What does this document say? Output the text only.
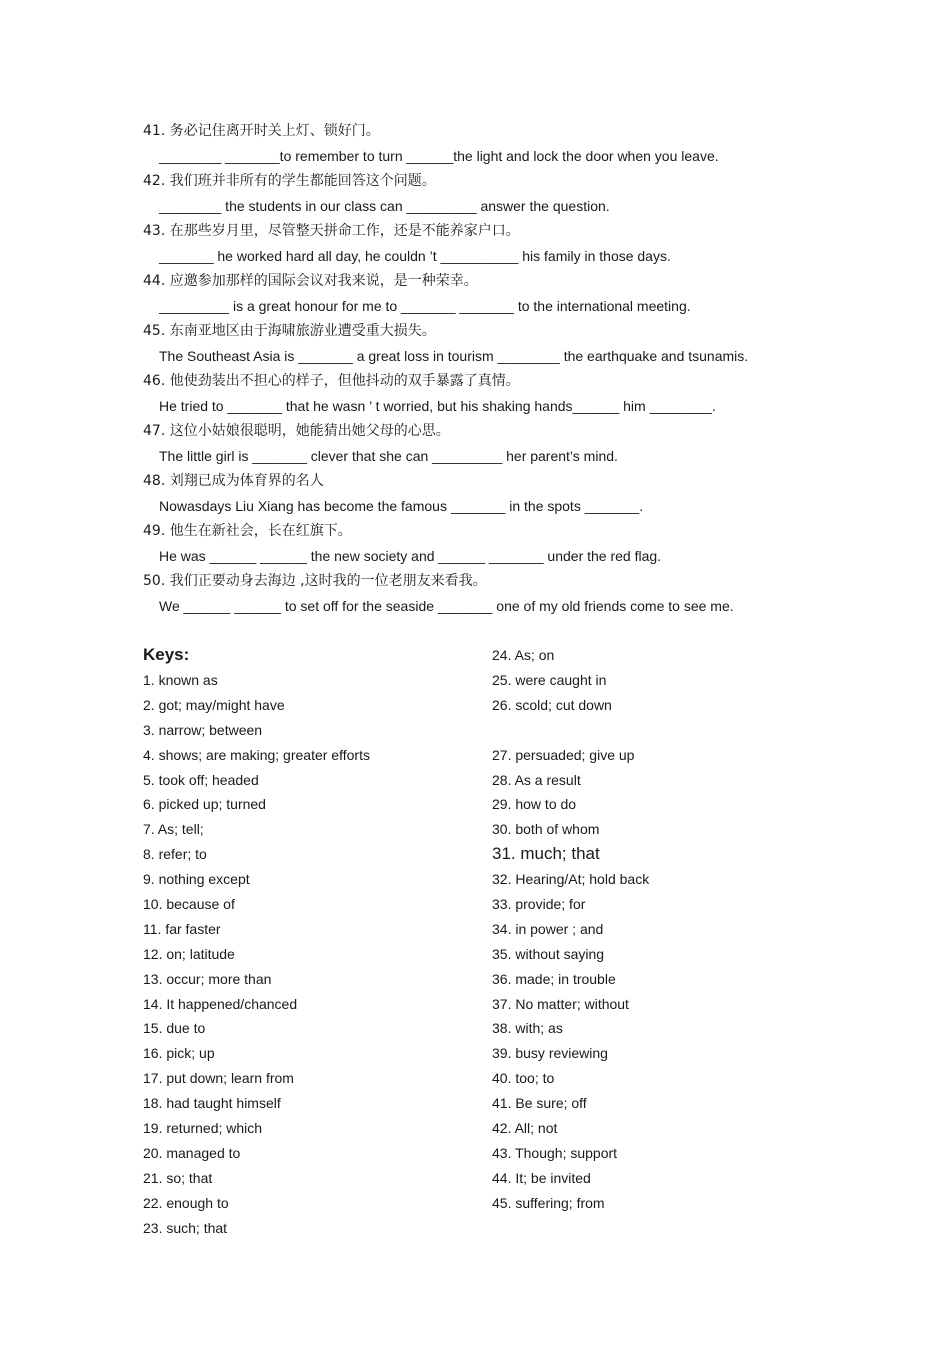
41. 务必记住离开时关上灯、锁好门。
________ _______to remember to turn ______the light and lock the door when you leave.
42. 我们班并非所有的学生都能回答这个问题。
________ the students in our class can _________ answer the question.
43. 在那些岁月里，尽管整天拼命工作，还是不能养家户口。
_______ he worked hard all day, he couldn ’t __________ his family in those days.
44. 应邀参加那样的国际会议对我来说，是一种荣幸。
_________ is a great honour for me to _______ _______ to the international meeting.
45. 东南亚地区由于海啸旅游业遭受重大损失。
The Southeast Asia is _______ a great loss in tourism ________ the earthquake and tsunamis.
46. 他使劲装出不担心的样子，但他抖动的双手暴露了真情。
He tried to _______ that he wasn ’ t worried, but his shaking hands______ him ________.
47. 这位小姑娘很聪明，她能猜出她父母的心思。
The little girl is _______ clever that she can _________ her parent’s mind.
48. 刘翔已成为体育界的名人
Nowasdays Liu Xiang has become the famous _______ in the spots _______.
49. 他生在新社会，长在红旗下。
He was ______ ______ the new society and ______ _______ under the red flag.
50. 我们正要动身去海边 ,这时我的一位老朋友来看我。
We ______ ______ to set off for the seaside _______ one of my old friends come to see me.
Keys:
1. known as
2. got; may/might have
3. narrow; between
4. shows; are making; greater efforts
5. took off; headed
6. picked up; turned
7. As; tell;
8. refer; to
9. nothing except
10. because of
11. far faster
12. on; latitude
13. occur; more than
14. It happened/chanced
15. due to
16. pick; up
17. put down; learn from
18. had taught himself
19. returned; which
20. managed to
21. so; that
22. enough to
23. such; that
24. As; on
25. were caught in
26. scold; cut down
27. persuaded; give up
28. As a result
29. how to do
30. both of whom
31. much; that
32. Hearing/At; hold back
33. provide; for
34. in power ; and
35. without saying
36. made; in trouble
37. No matter; without
38. with; as
39. busy reviewing
40. too; to
41. Be sure; off
42. All; not
43. Though; support
44. It; be invited
45. suffering; from
